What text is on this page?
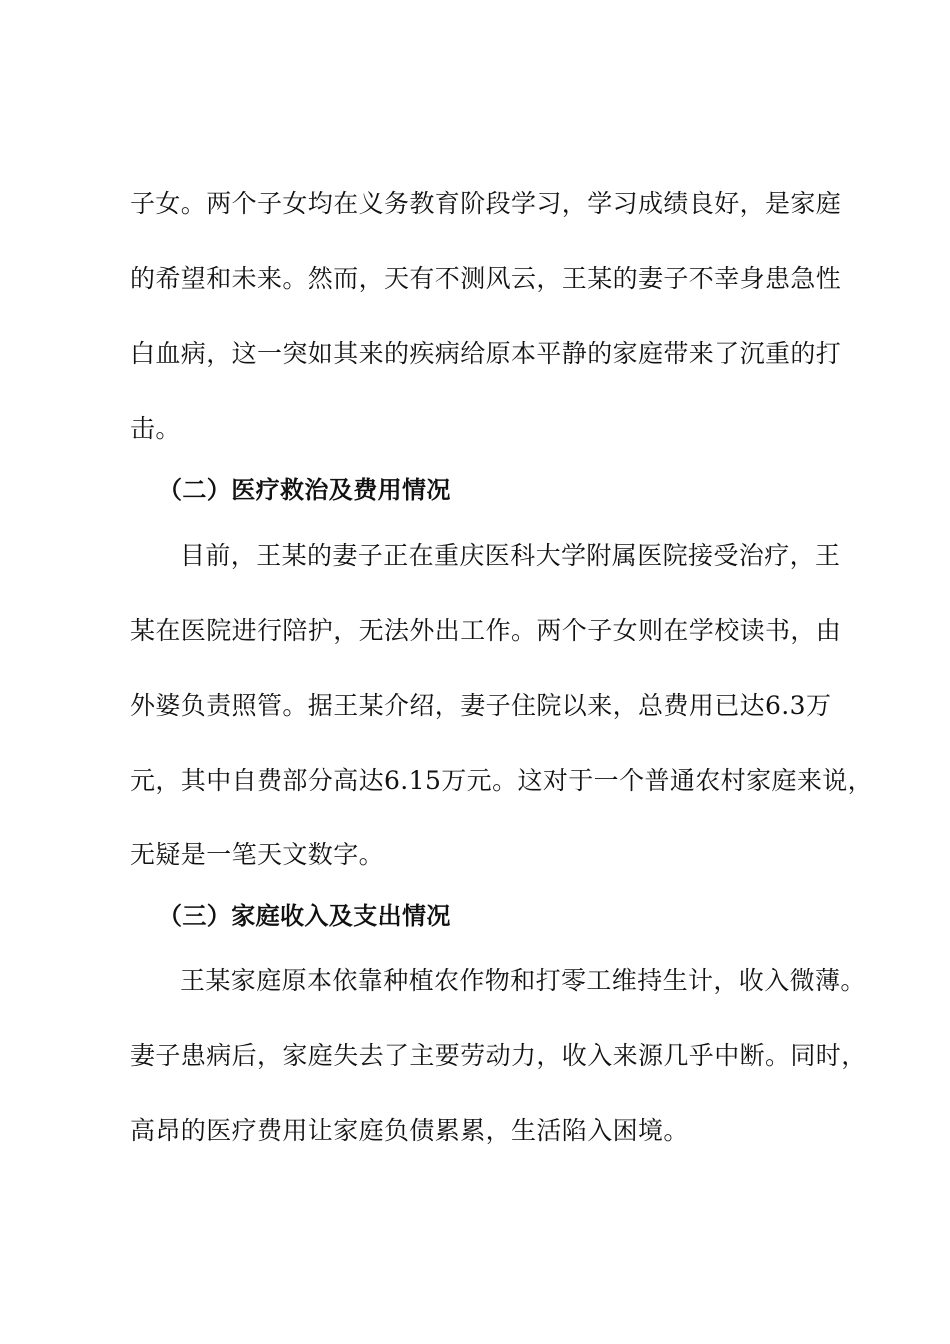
子女。两个子女均在义务教育阶段学习，学习成绩良好，是家庭
的希望和未来。然而，天有不测风云，王某的妻子不幸身患急性
白血病，这一突如其来的疾病给原本平静的家庭带来了沉重的打
击。
（二）医疗救治及费用情况
目前，王某的妻子正在重庆医科大学附属医院接受治疗，王
某在医院进行陪护，无法外出工作。两个子女则在学校读书，由
外婆负责照管。据王某介绍，妻子住院以来，总费用已达6.3万
元，其中自费部分高达6.15万元。这对于一个普通农村家庭来说，
无疑是一笔天文数字。
（三）家庭收入及支出情况
王某家庭原本依靠种植农作物和打零工维持生计，收入微薄。
妻子患病后，家庭失去了主要劳动力，收入来源几乎中断。同时，
高昂的医疗费用让家庭负债累累，生活陷入困境。
